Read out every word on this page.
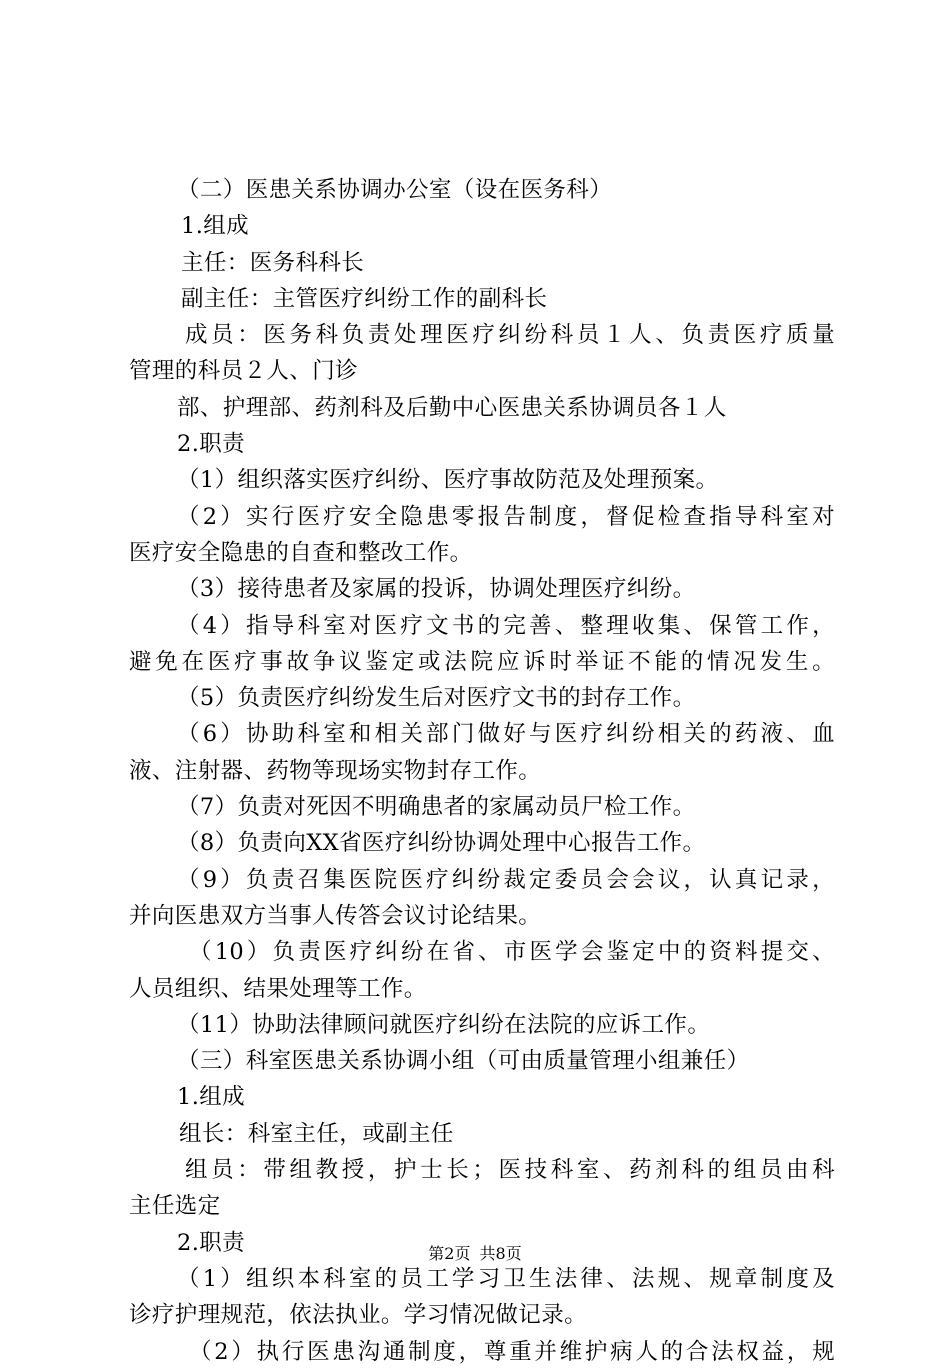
（二）医患关系协调办公室（设在医务科）
1.组成
主任：医务科科长
副主任：主管医疗纠纷工作的副科长
成员：医务科负责处理医疗纠纷科员１人、负责医疗质量
管理的科员２人、门诊
部、护理部、药剂科及后勤中心医患关系协调员各１人
2.职责
（1）组织落实医疗纠纷、医疗事故防范及处理预案。
（2）实行医疗安全隐患零报告制度，督促检查指导科室对
医疗安全隐患的自查和整改工作。
（3）接待患者及家属的投诉，协调处理医疗纠纷。
（4）指导科室对医疗文书的完善、整理收集、保管工作，
避免在医疗事故争议鉴定或法院应诉时举证不能的情况发生。
（5）负责医疗纠纷发生后对医疗文书的封存工作。
（6）协助科室和相关部门做好与医疗纠纷相关的药液、血
液、注射器、药物等现场实物封存工作。
（7）负责对死因不明确患者的家属动员尸检工作。
（8）负责向XX省医疗纠纷协调处理中心报告工作。
（9）负责召集医院医疗纠纷裁定委员会会议，认真记录，
并向医患双方当事人传答会议讨论结果。
（10）负责医疗纠纷在省、市医学会鉴定中的资料提交、
人员组织、结果处理等工作。
（11）协助法律顾问就医疗纠纷在法院的应诉工作。
（三）科室医患关系协调小组（可由质量管理小组兼任）
1.组成
组长：科室主任，或副主任
组员：带组教授，护士长；医技科室、药剂科的组员由科
主任选定
2.职责
（1）组织本科室的员工学习卫生法律、法规、规章制度及
诊疗护理规范，依法执业。学习情况做记录。
（2）执行医患沟通制度，尊重并维护病人的合法权益，规
第2页 共8页
